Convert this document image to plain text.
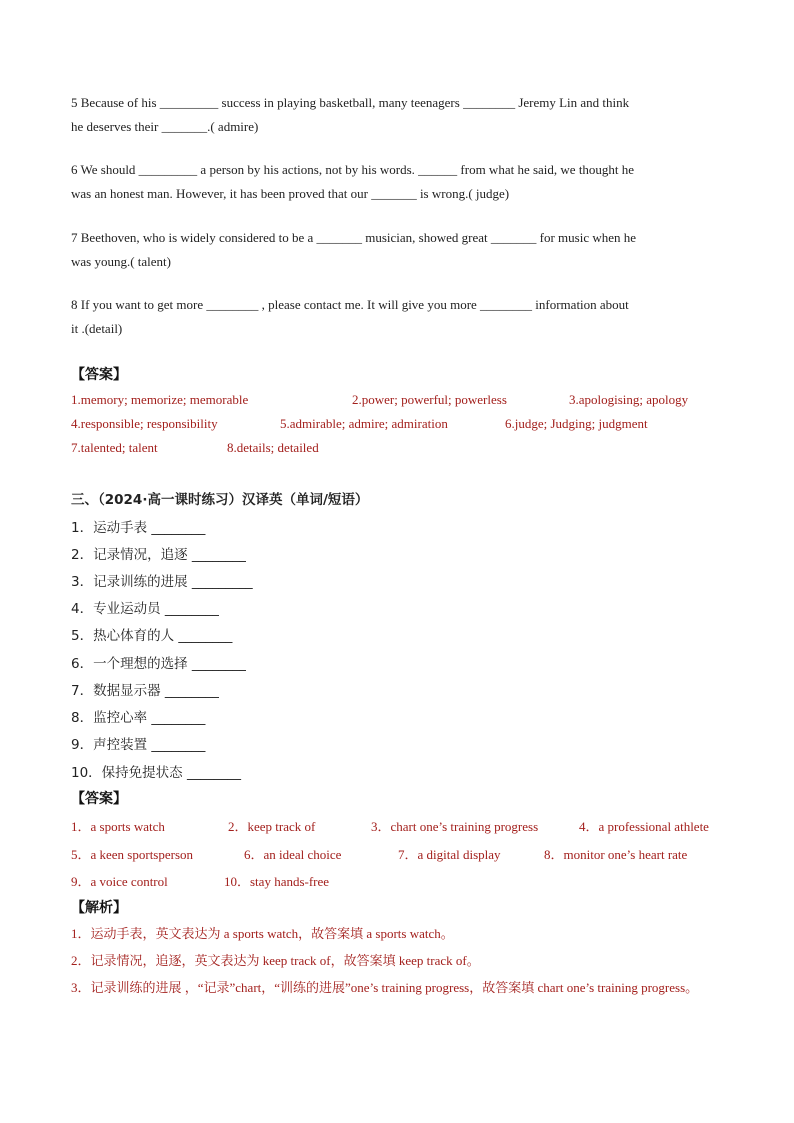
5 Because of his _________ success in playing basketball, many teenagers ________ Jeremy Lin and think
he deserves their _______.( admire)
6 We should _________ a person by his actions, not by his words. ______ from what he said, we thought he
was an honest man. However, it has been proved that our _______ is wrong.( judge)
7 Beethoven, who is widely considered to be a _______ musician, showed great _______ for music when he
was young.( talent)
8 If you want to get more ________ , please contact me. It will give you more ________ information about
it .(detail)
【答案】
1.memory; memorize; memorable	2.power; powerful; powerless	3.apologising; apology
4.responsible; responsibility	5.admirable; admire; admiration	6.judge; Judging; judgment
7.talented; talent	8.details; detailed
三、（2024·高一课时练习）汉译英（单词/短语）
1．运动手表 ________
2．记录情况，追逐 ________
3．记录训练的进展 _________
4．专业运动员 ________
5．热心体育的人 ________
6．一个理想的选择 ________
7．数据显示器 ________
8．监控心率 ________
9．声控装置 ________
10．保持免提状态 ________
【答案】
1．a sports watch	2．keep track of	3．chart one’s training progress	4．a professional athlete
5．a keen sportsperson	6．an ideal choice	7．a digital display	8．monitor one’s heart rate
9．a voice control	10．stay hands-free
【解析】
1．运动手表，英文表达为 a sports watch，故答案填 a sports watch。
2．记录情况，追逐，英文表达为 keep track of，故答案填 keep track of。
3．记录训练的进展 ，“记录”chart，“训练的进展”one’s training progress，故答案填 chart one’s training progress。
